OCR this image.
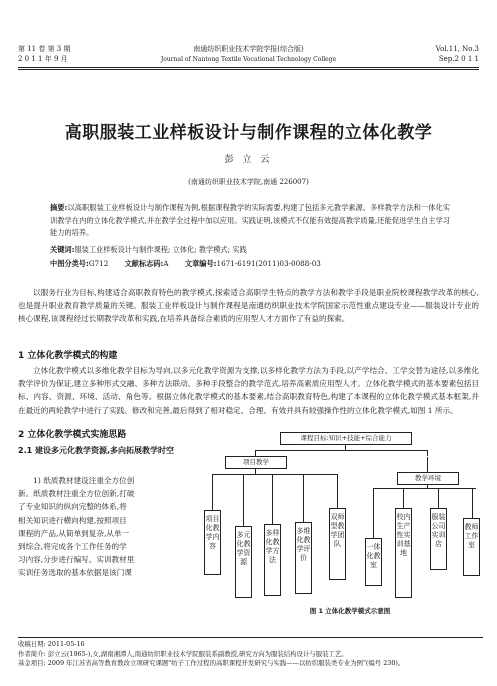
第 11 卷 第 3 期
2 0 1 1 年 9 月
南通纺织职业技术学院学报(综合版)
Journal of Nantong Textile Vocational Technology College
Vol.11, No.3
Sep.2 0 1 1
高职服装工业样板设计与制作课程的立体化教学
彭 立 云
(南通纺织职业技术学院,南通 226007)
摘要:以高职服装工业样板设计与制作课程为例,根据课程教学的实际需要,构建了包括多元教学素源、多样教学方法和一体化实训教学在内的立体化教学模式,并在教学全过程中加以应用。实践证明,该模式不仅能有效提高教学质量,还能促进学生自主学习能力的培养。
关键词:服装工业样板设计与制作课程; 立体化; 教学模式; 实践
中图分类号:G712 文献标志码:A 文章编号:1671-6191(2011)03-0088-03
以服务行业为目标,构建适合高职教育特色的教学模式,探索适合高职学生特点的教学方法和教学手段是职业院校课程教学改革的核心,也是提升职业教育教学质量的关键。服装工业样板设计与制作课程是南通纺织职业技术学院国家示范性重点建设专业——服装设计专业的核心课程,该课程经过长期教学改革和实践,在培养具备综合素质的应用型人才方面作了有益的探索。
1 立体化教学模式的构建
立体化教学模式以多维化教学目标为导向,以多元化教学资源为支撑,以多样化教学方法为手段,以产学结合、工学交替为途径,以多维化教学评价为保证,建立多种形式交融、多种方法联动、多种手段整合的教学范式,培养高素质应用型人才。立体化教学模式的基本要素包括目标、内容、资源、环境、活动、角色等。根据立体化教学模式的基本要素,结合高职教育特色,构建了本课程的立体化教学模式基本框架,并在最近的两轮教学中进行了实践、修改和完善,最后得到了相对稳定、合理、有效并具有较强操作性的立体化教学模式,如图 1 所示。
2 立体化教学模式实施思路
2.1 建设多元化教学资源,多向拓展教学时空
1) 纸质教材建设注重全方位创
新。纸质教材注重全方位创新,打破
了专业知识的纵向完整的体系,将
相关知识进行横向构建,按照项目
课程的产品,从简单到复杂,从单一
到综合,将完成各个工作任务的学
习内容,分步进行编写。实训教材里
实训任务选取的基本依据是该门课
课程目标:知识+技能+综合能力
项目教学
教学环境
项目化教学内容
多元化教学资源
多样化教学方法
多维化教学评价
双师型教学团队	一体化教室
校内生产性实训基地
服装公司实训店
教师工作室
图 1 立体化教学模式示意图
收稿日期: 2011-05-16
作者简介: 彭立云(1965-),女,湖南湘潭人,南通纺织职业技术学院服装系副教授,研究方向为服装结构设计与服装工艺。
基金项目: 2009 年江苏省高等教育教改立项研究课题"纺子工作过程的高职课程开发研究与实践——以纺织服装类专业为例"(编号 230)。
